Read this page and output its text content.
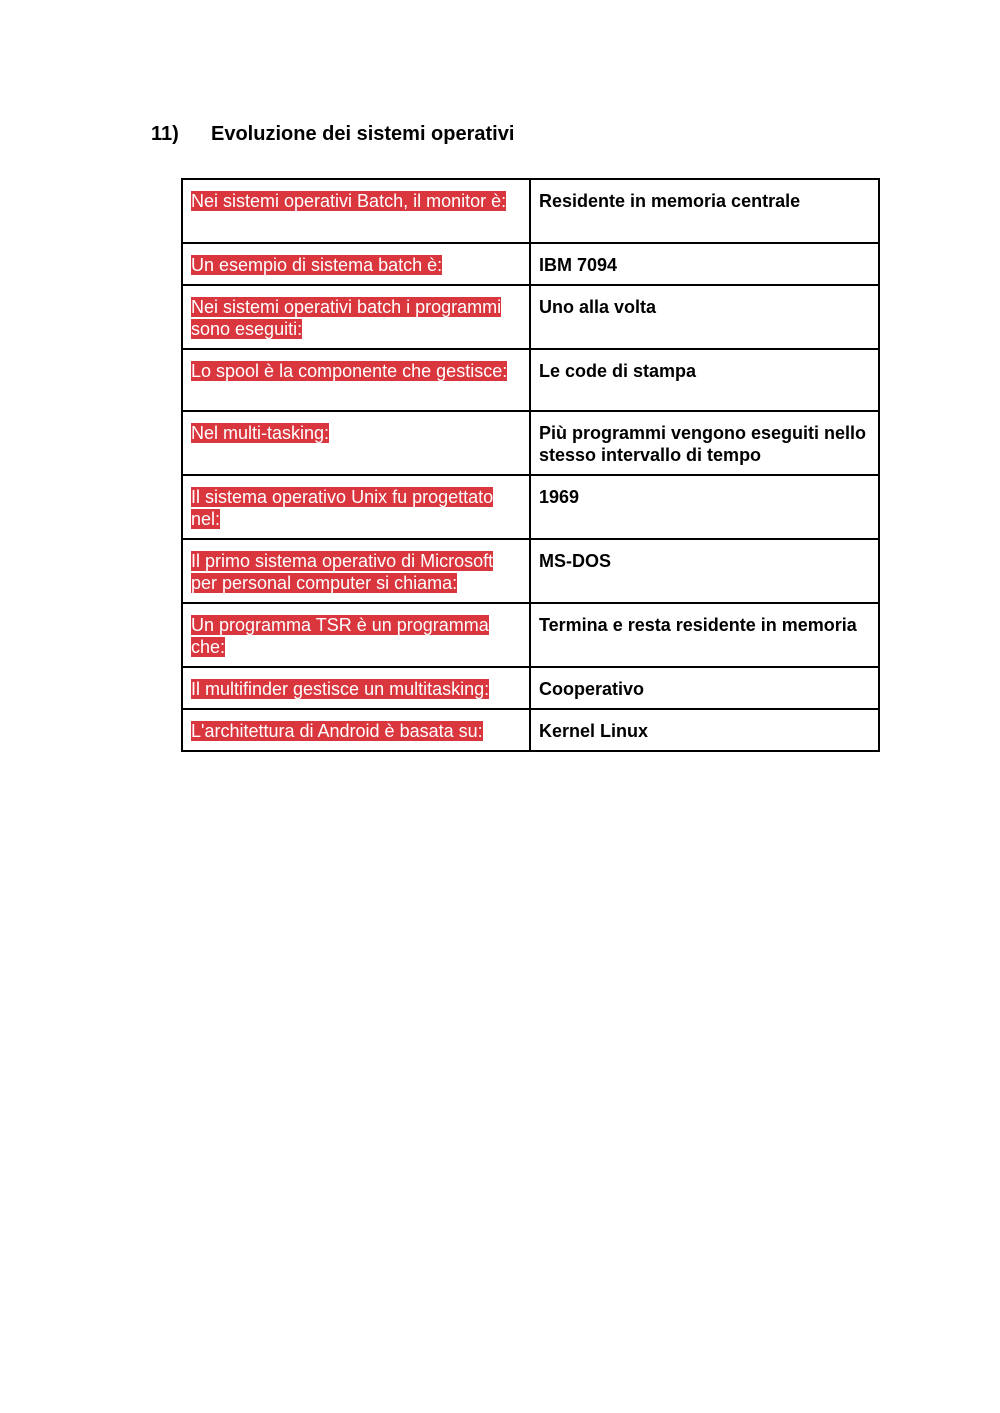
11)	Evoluzione dei sistemi operativi
Nei sistemi operativi Batch, il monitor è:	Residente in memoria centrale
Un esempio di sistema batch è:	IBM 7094
Nei sistemi operativi batch i programmi sono eseguiti:	Uno alla volta
Lo spool è la componente che gestisce:	Le code di stampa
Nel multi-tasking:	Più programmi vengono eseguiti nello stesso intervallo di tempo
Il sistema operativo Unix fu progettato nel:	1969
Il primo sistema operativo di Microsoft per personal computer si chiama:	MS-DOS
Un programma TSR è un programma che:	Termina e resta residente in memoria
Il multifinder gestisce un multitasking:	Cooperativo
L'architettura di Android è basata su:	Kernel Linux
